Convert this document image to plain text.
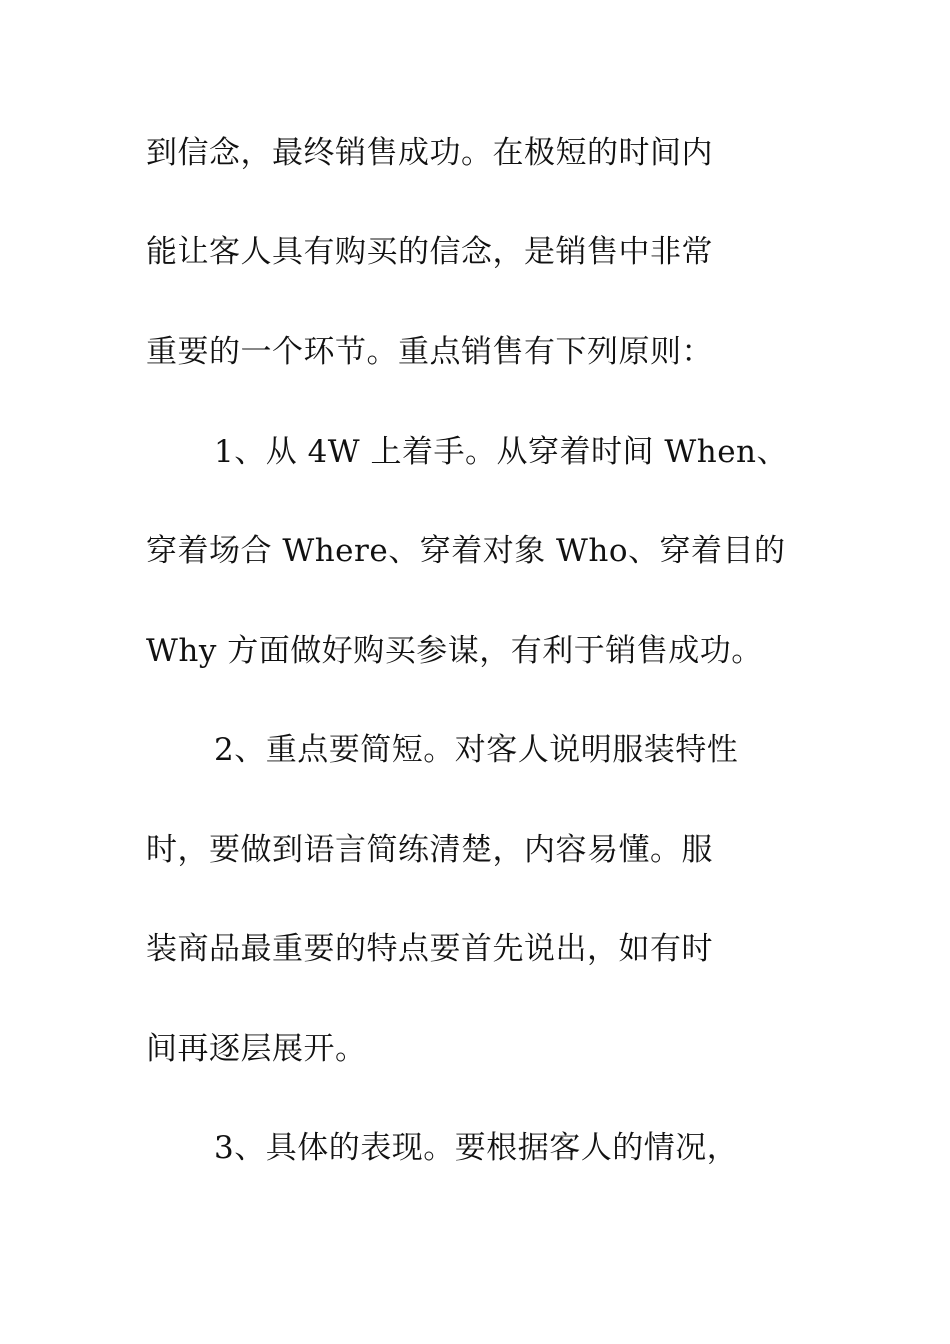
到信念，最终销售成功。在极短的时间内
能让客人具有购买的信念，是销售中非常
重要的一个环节。重点销售有下列原则：
1、从 4W 上着手。从穿着时间 When、
穿着场合 Where、穿着对象 Who、穿着目的
Why 方面做好购买参谋，有利于销售成功。
2、重点要简短。对客人说明服装特性
时，要做到语言简练清楚，内容易懂。服
装商品最重要的特点要首先说出，如有时
间再逐层展开。
3、具体的表现。要根据客人的情况，
